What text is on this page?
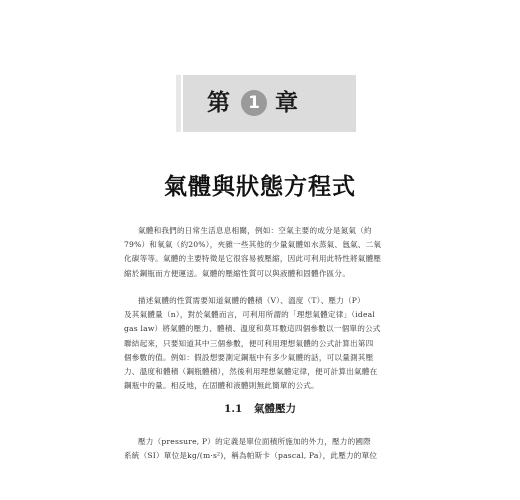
第	1 章
氣體與狀態方程式

氣體和我們的日常生活息息相關，例如：空氣主要的成分是氮氣（約

79%）和氧氣（約20%），夾雜一些其他的少量氣體如水蒸氣、氬氣、二氧

化碳等等。氣體的主要特徵是它很容易被壓縮，因此可利用此特性將氣體壓

縮於鋼瓶而方便運送。氣體的壓縮性質可以與液體和固體作區分。

描述氣體的性質需要知道氣體的體積（V）、溫度（T）、壓力（P）

及其氣體量（n），對於氣體而言，可利用所謂的「理想氣體定律」（ideal

gas law）將氣體的壓力、體積、溫度和莫耳數這四個參數以一個單的公式

聯結起來，只要知道其中三個參數，便可利用理想氣體的公式計算出第四

個參數的值。例如：假設想要測定鋼瓶中有多少氣體的話，可以量測其壓

力、溫度和體積（鋼瓶體積），然後利用理想氣體定律，便可計算出氣體在

鋼瓶中的量。相反地，在固體和液體則無此簡單的公式。

1.1 氣體壓力

壓力（pressure, P）的定義是單位面積所施加的外力，壓力的國際

系統（SI）單位是kg/(m·s²)，稱為帕斯卡（pascal, Pa），此壓力的單位
